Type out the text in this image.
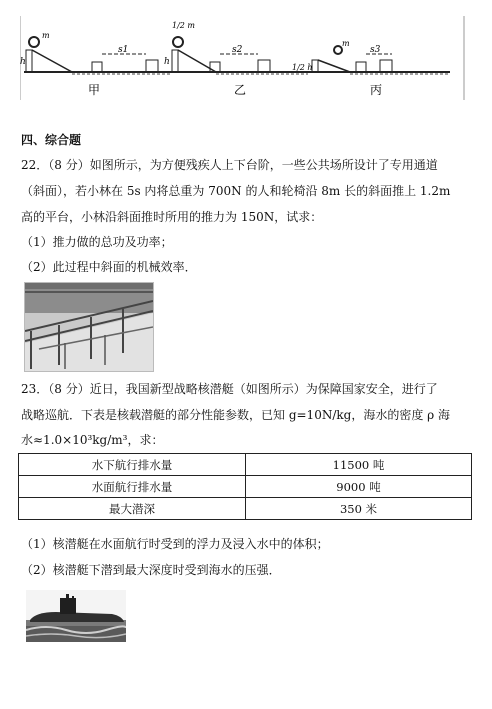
s1
m
h
s2
1/2 m
h
s3
m
1/2 h
甲	乙	丙
四、综合题
22．（8 分）如图所示，为方便残疾人上下台阶，一些公共场所设计了专用通道
（斜面），若小林在 5s 内将总重为 700N 的人和轮椅沿 8m 长的斜面推上 1.2m
高的平台，小林沿斜面推时所用的推力为 150N，试求：
（1）推力做的总功及功率；
（2）此过程中斜面的机械效率．
23．（8 分）近日，我国新型战略核潜艇（如图所示）为保障国家安全，进行了
战略巡航．下表是核载潜艇的部分性能参数，已知 g=10N/kg，海水的密度 ρ 海
水≈1.0×10³kg/m³，求：
水下航行排水量	11500 吨
水面航行排水量	9000 吨
最大潜深	350 米
（1）核潜艇在水面航行时受到的浮力及浸入水中的体积；
（2）核潜艇下潜到最大深度时受到海水的压强．
